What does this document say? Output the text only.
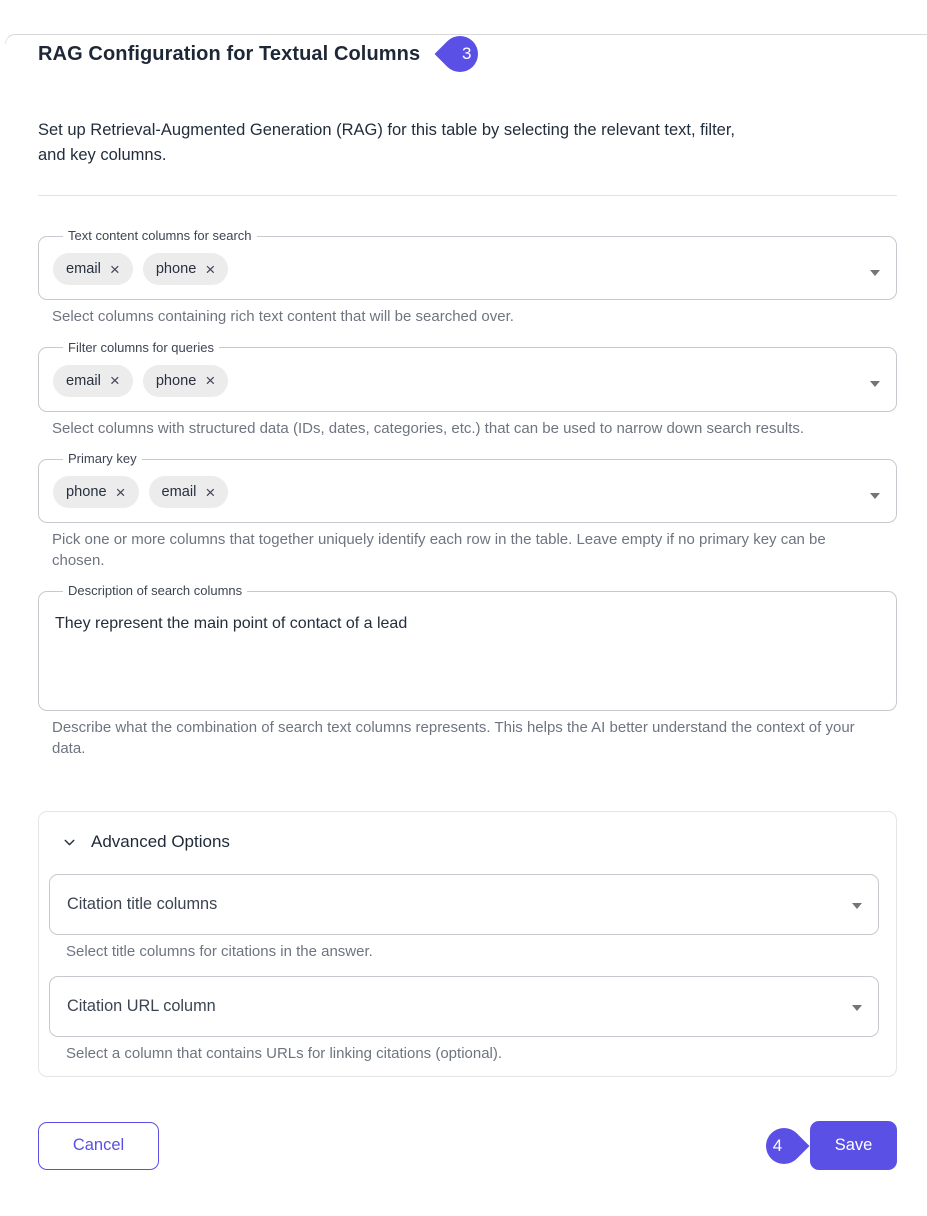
RAG Configuration for Textual Columns	3

Set up Retrieval-Augmented Generation (RAG) for this table by selecting the relevant text, filter, and key columns.

Text content columns for search
email × phone ×

Select columns containing rich text content that will be searched over.

Filter columns for queries
email × phone ×

Select columns with structured data (IDs, dates, categories, etc.) that can be used to narrow down search results.

Primary key
phone × email ×

Pick one or more columns that together uniquely identify each row in the table. Leave empty if no primary key can be chosen.

Description of search columns
They represent the main point of contact of a lead

Describe what the combination of search text columns represents. This helps the AI better understand the context of your data.

Advanced Options
Citation title columns

Select title columns for citations in the answer.

Citation URL column

Select a column that contains URLs for linking citations (optional).

Cancel	4	Save
